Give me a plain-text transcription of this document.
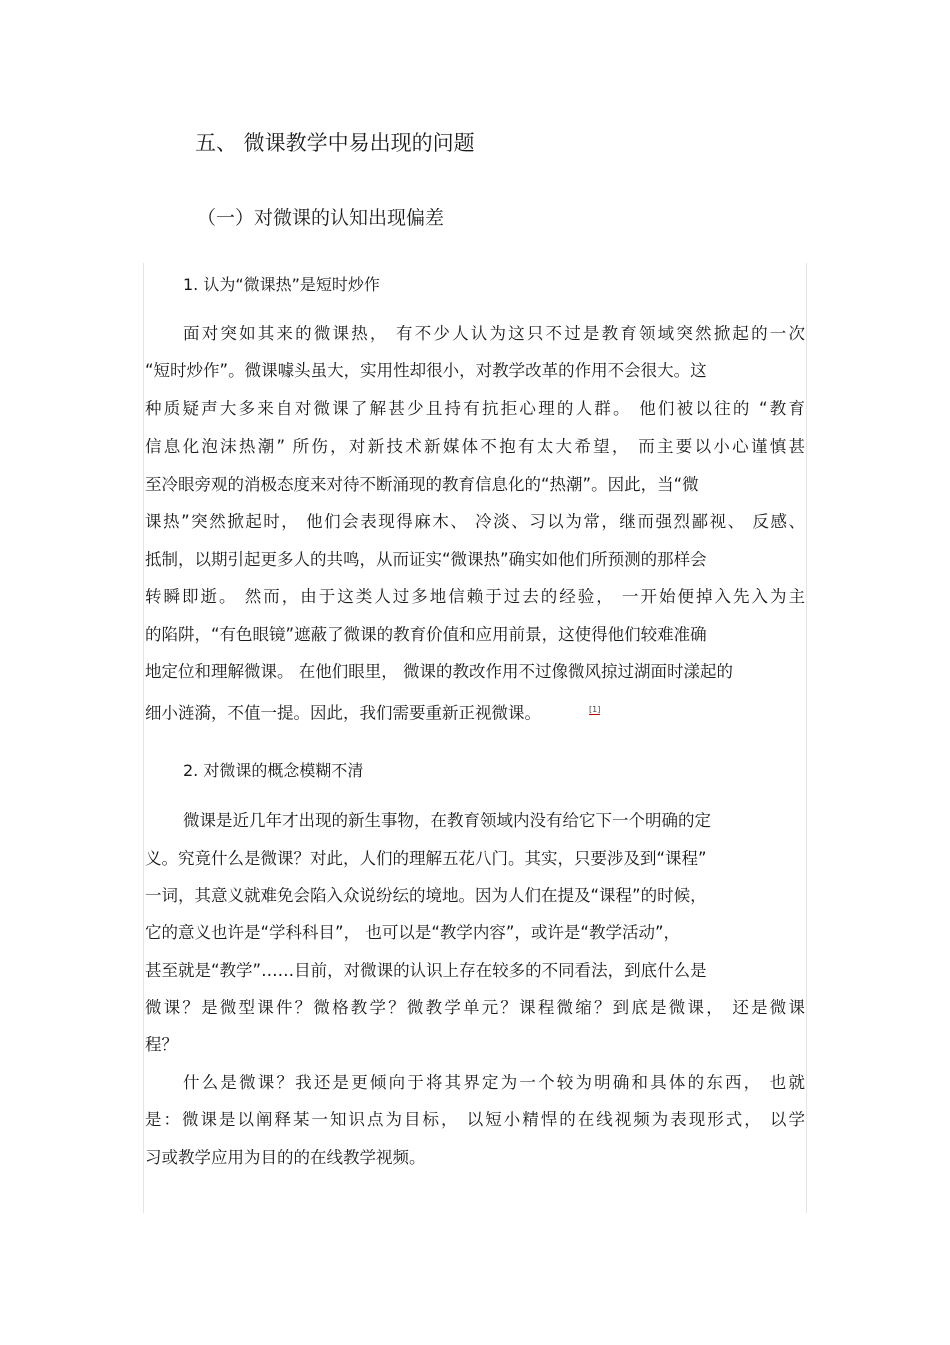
五、 微课教学中易出现的问题
（一）对微课的认知出现偏差
1. 认为“微课热”是短时炒作
面对突如其来的微课热， 有不少人认为这只不过是教育领域突然掀起的一次
“短时炒作”。微课噱头虽大，实用性却很小，对教学改革的作用不会很大。这
种质疑声大多来自对微课了解甚少且持有抗拒心理的人群。 他们被以往的 “教育
信息化泡沫热潮” 所伤，对新技术新媒体不抱有太大希望， 而主要以小心谨慎甚
至冷眼旁观的消极态度来对待不断涌现的教育信息化的“热潮”。因此，当“微
课热”突然掀起时， 他们会表现得麻木、 冷淡、习以为常，继而强烈鄙视、 反感、
抵制，以期引起更多人的共鸣，从而证实“微课热”确实如他们所预测的那样会
转瞬即逝。 然而，由于这类人过多地信赖于过去的经验， 一开始便掉入先入为主
的陷阱，“有色眼镜”遮蔽了微课的教育价值和应用前景，这使得他们较难准确
地定位和理解微课。 在他们眼里， 微课的教改作用不过像微风掠过湖面时漾起的
细小涟漪，不值一提。因此，我们需要重新正视微课。	[1]
2. 对微课的概念模糊不清
微课是近几年才出现的新生事物，在教育领域内没有给它下一个明确的定
义。究竟什么是微课？对此，人们的理解五花八门。其实，只要涉及到“课程”
一词，其意义就难免会陷入众说纷纭的境地。因为人们在提及“课程”的时候，
它的意义也许是“学科科目”， 也可以是“教学内容”，或许是“教学活动”，
甚至就是“教学”……目前，对微课的认识上存在较多的不同看法，到底什么是
微课？是微型课件？微格教学？微教学单元？课程微缩？到底是微课， 还是微课
程？
什么是微课？我还是更倾向于将其界定为一个较为明确和具体的东西， 也就
是：微课是以阐释某一知识点为目标， 以短小精悍的在线视频为表现形式， 以学
习或教学应用为目的的在线教学视频。
